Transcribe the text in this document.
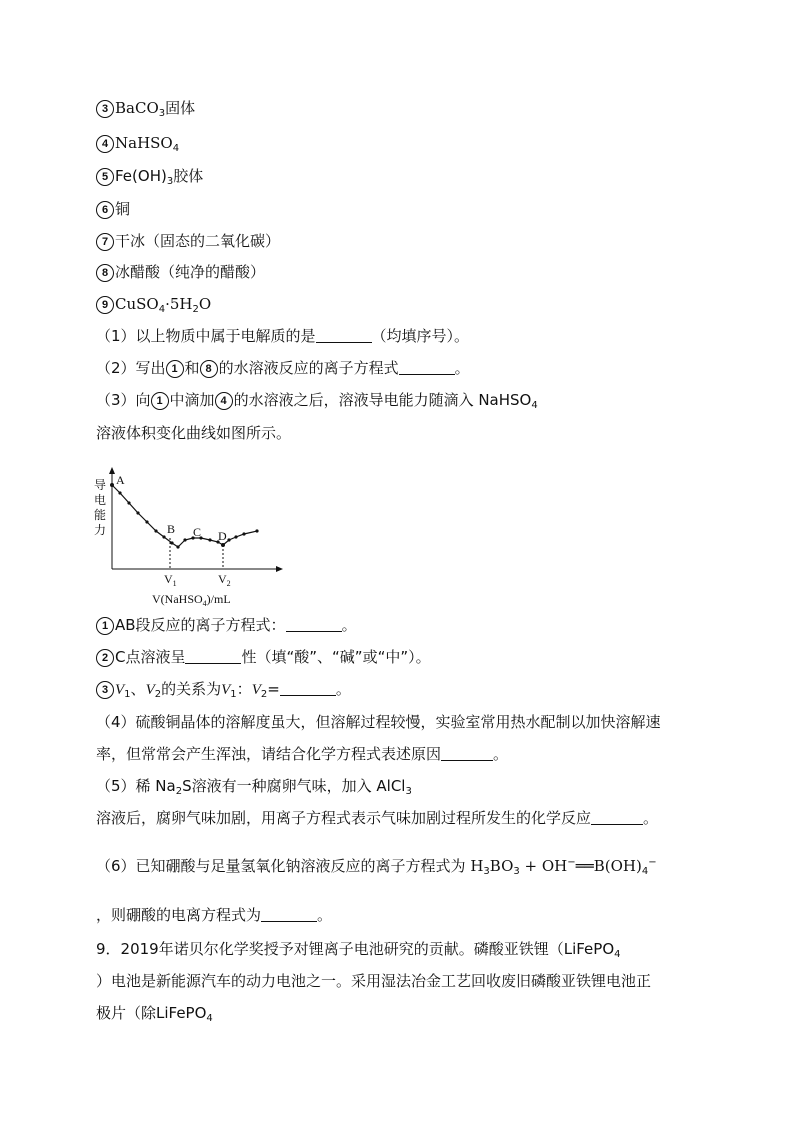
3 BaCO$_3$固体
4 NaHSO$_4$
5 $Fe(OH)_3$胶体
6 铜
7 干冰（固态的二氧化碳）
8 冰醋酸（纯净的醋酸）
9 $CuSO_4\cdot 5H_2O$
（1）以上物质中属于电解质的是	（均填序号）。
（2）写出 1 和 8 的水溶液反应的离子方程式	。
（3）向 1 中滴加 4 的水溶液之后，溶液导电能力随滴入 NaHSO$_4$
溶液体积变化曲线如图所示。
导
电
能
力
A
B C D
$V_1$	$V_2$
V(NaHSO$_4$)/mL
1 AB段反应的离子方程式：	。
2 C点溶液呈	性（填“酸”、“碱”或“中”）。
3 $V_1$、$V_2$的关系为$V_1$：$V_2=$	。
（4）硫酸铜晶体的溶解度虽大，但溶解过程较慢，实验室常用热水配制以加快溶解速
率，但常常会产生浑浊，请结合化学方程式表述原因	。
（5）稀 $Na_2S$溶液有一种腐卵气味，加入 AlCl$_3$
溶液后，腐卵气味加剧，用离子方程式表示气味加剧过程所发生的化学反应	。
（6）已知硼酸与足量氢氧化钠溶液反应的离子方程式为 $H_3BO_3$ + $OH^-══B(OH)_4^-$
，则硼酸的电离方程式为	。
9．2019年诺贝尔化学奖授予对锂离子电池研究的贡献。磷酸亚铁锂（LiFePO$_4$
）电池是新能源汽车的动力电池之一。采用湿法冶金工艺回收废旧磷酸亚铁锂电池正
极片（除LiFePO$_4$
